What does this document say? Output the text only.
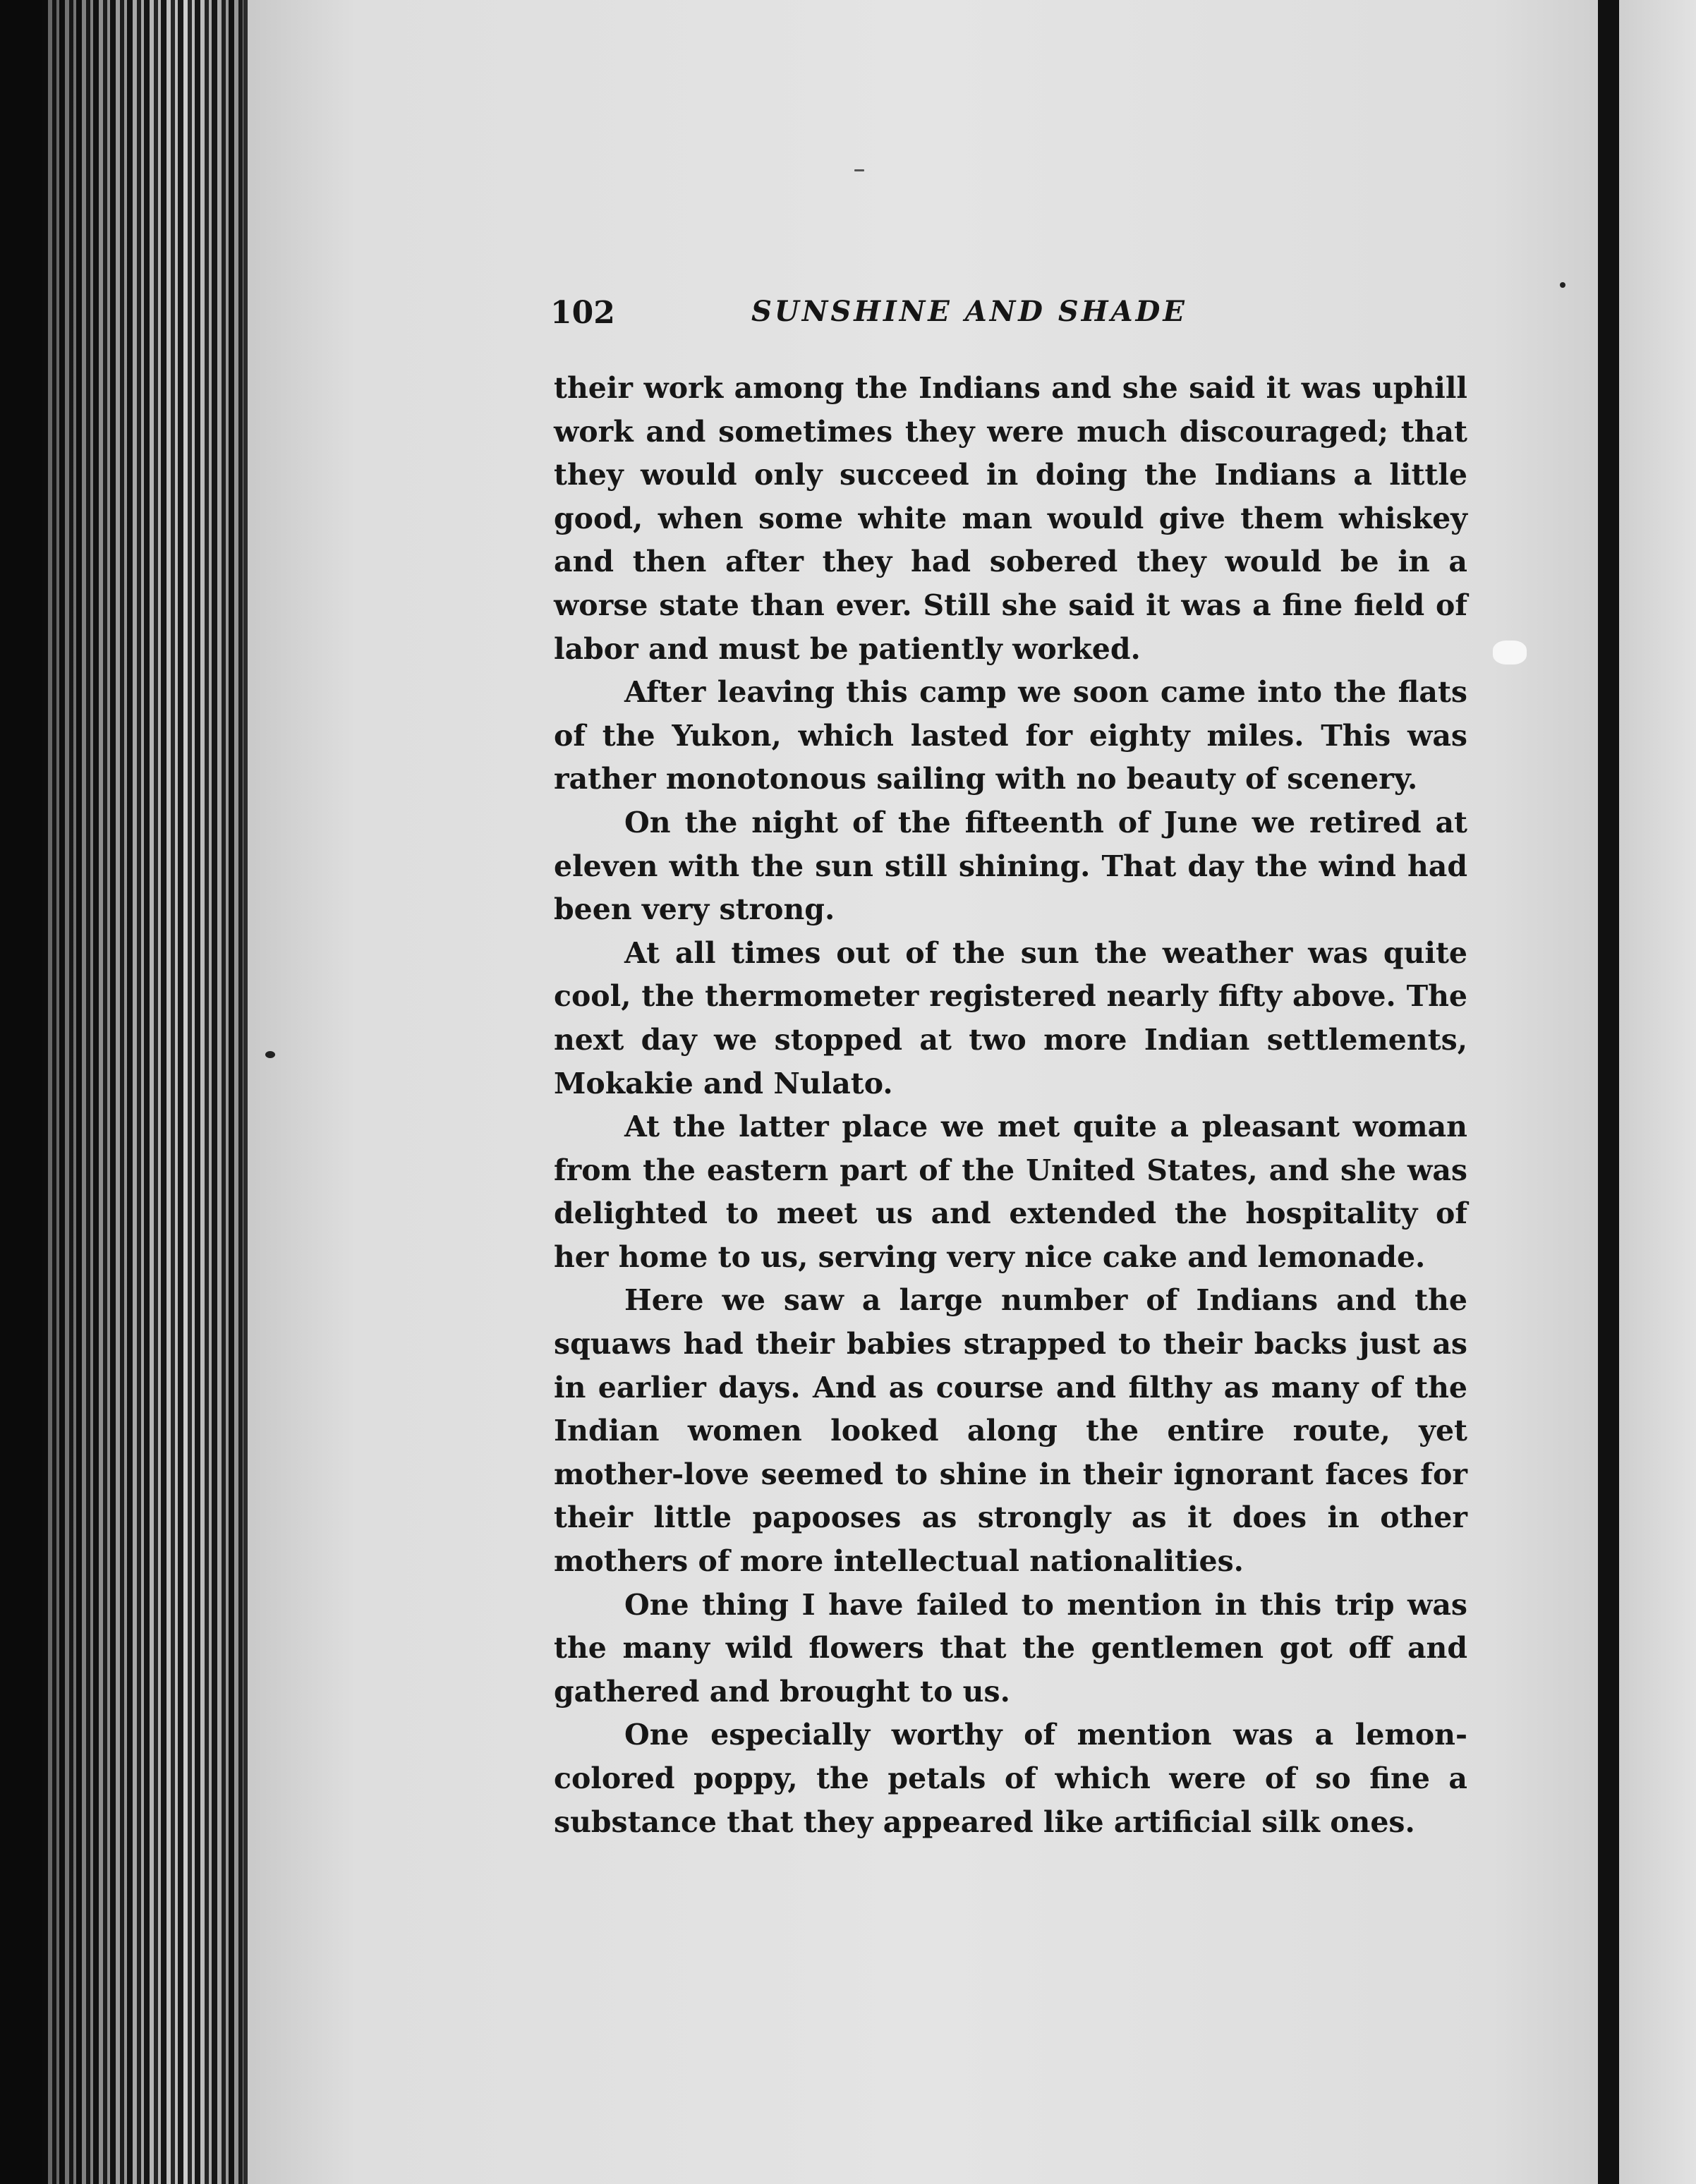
102	SUNSHINE AND SHADE

their work among the Indians and she said it was uphill work and sometimes they were much discouraged; that they would only succeed in doing the Indians a little good, when some white man would give them whiskey and then after they had sobered they would be in a worse state than ever. Still she said it was a fine field of labor and must be patiently worked.

After leaving this camp we soon came into the flats of the Yukon, which lasted for eighty miles. This was rather monotonous sailing with no beauty of scenery.

On the night of the fifteenth of June we retired at eleven with the sun still shining. That day the wind had been very strong.

At all times out of the sun the weather was quite cool, the thermometer registered nearly fifty above. The next day we stopped at two more Indian settlements, Mokakie and Nulato.

At the latter place we met quite a pleasant woman from the eastern part of the United States, and she was delighted to meet us and extended the hospitality of her home to us, serving very nice cake and lemonade.

Here we saw a large number of Indians and the squaws had their babies strapped to their backs just as in earlier days. And as course and filthy as many of the Indian women looked along the entire route, yet mother-love seemed to shine in their ignorant faces for their little papooses as strongly as it does in other mothers of more intellectual nationalities.

One thing I have failed to mention in this trip was the many wild flowers that the gentlemen got off and gathered and brought to us.

One especially worthy of mention was a lemon-colored poppy, the petals of which were of so fine a substance that they appeared like artificial silk ones.
